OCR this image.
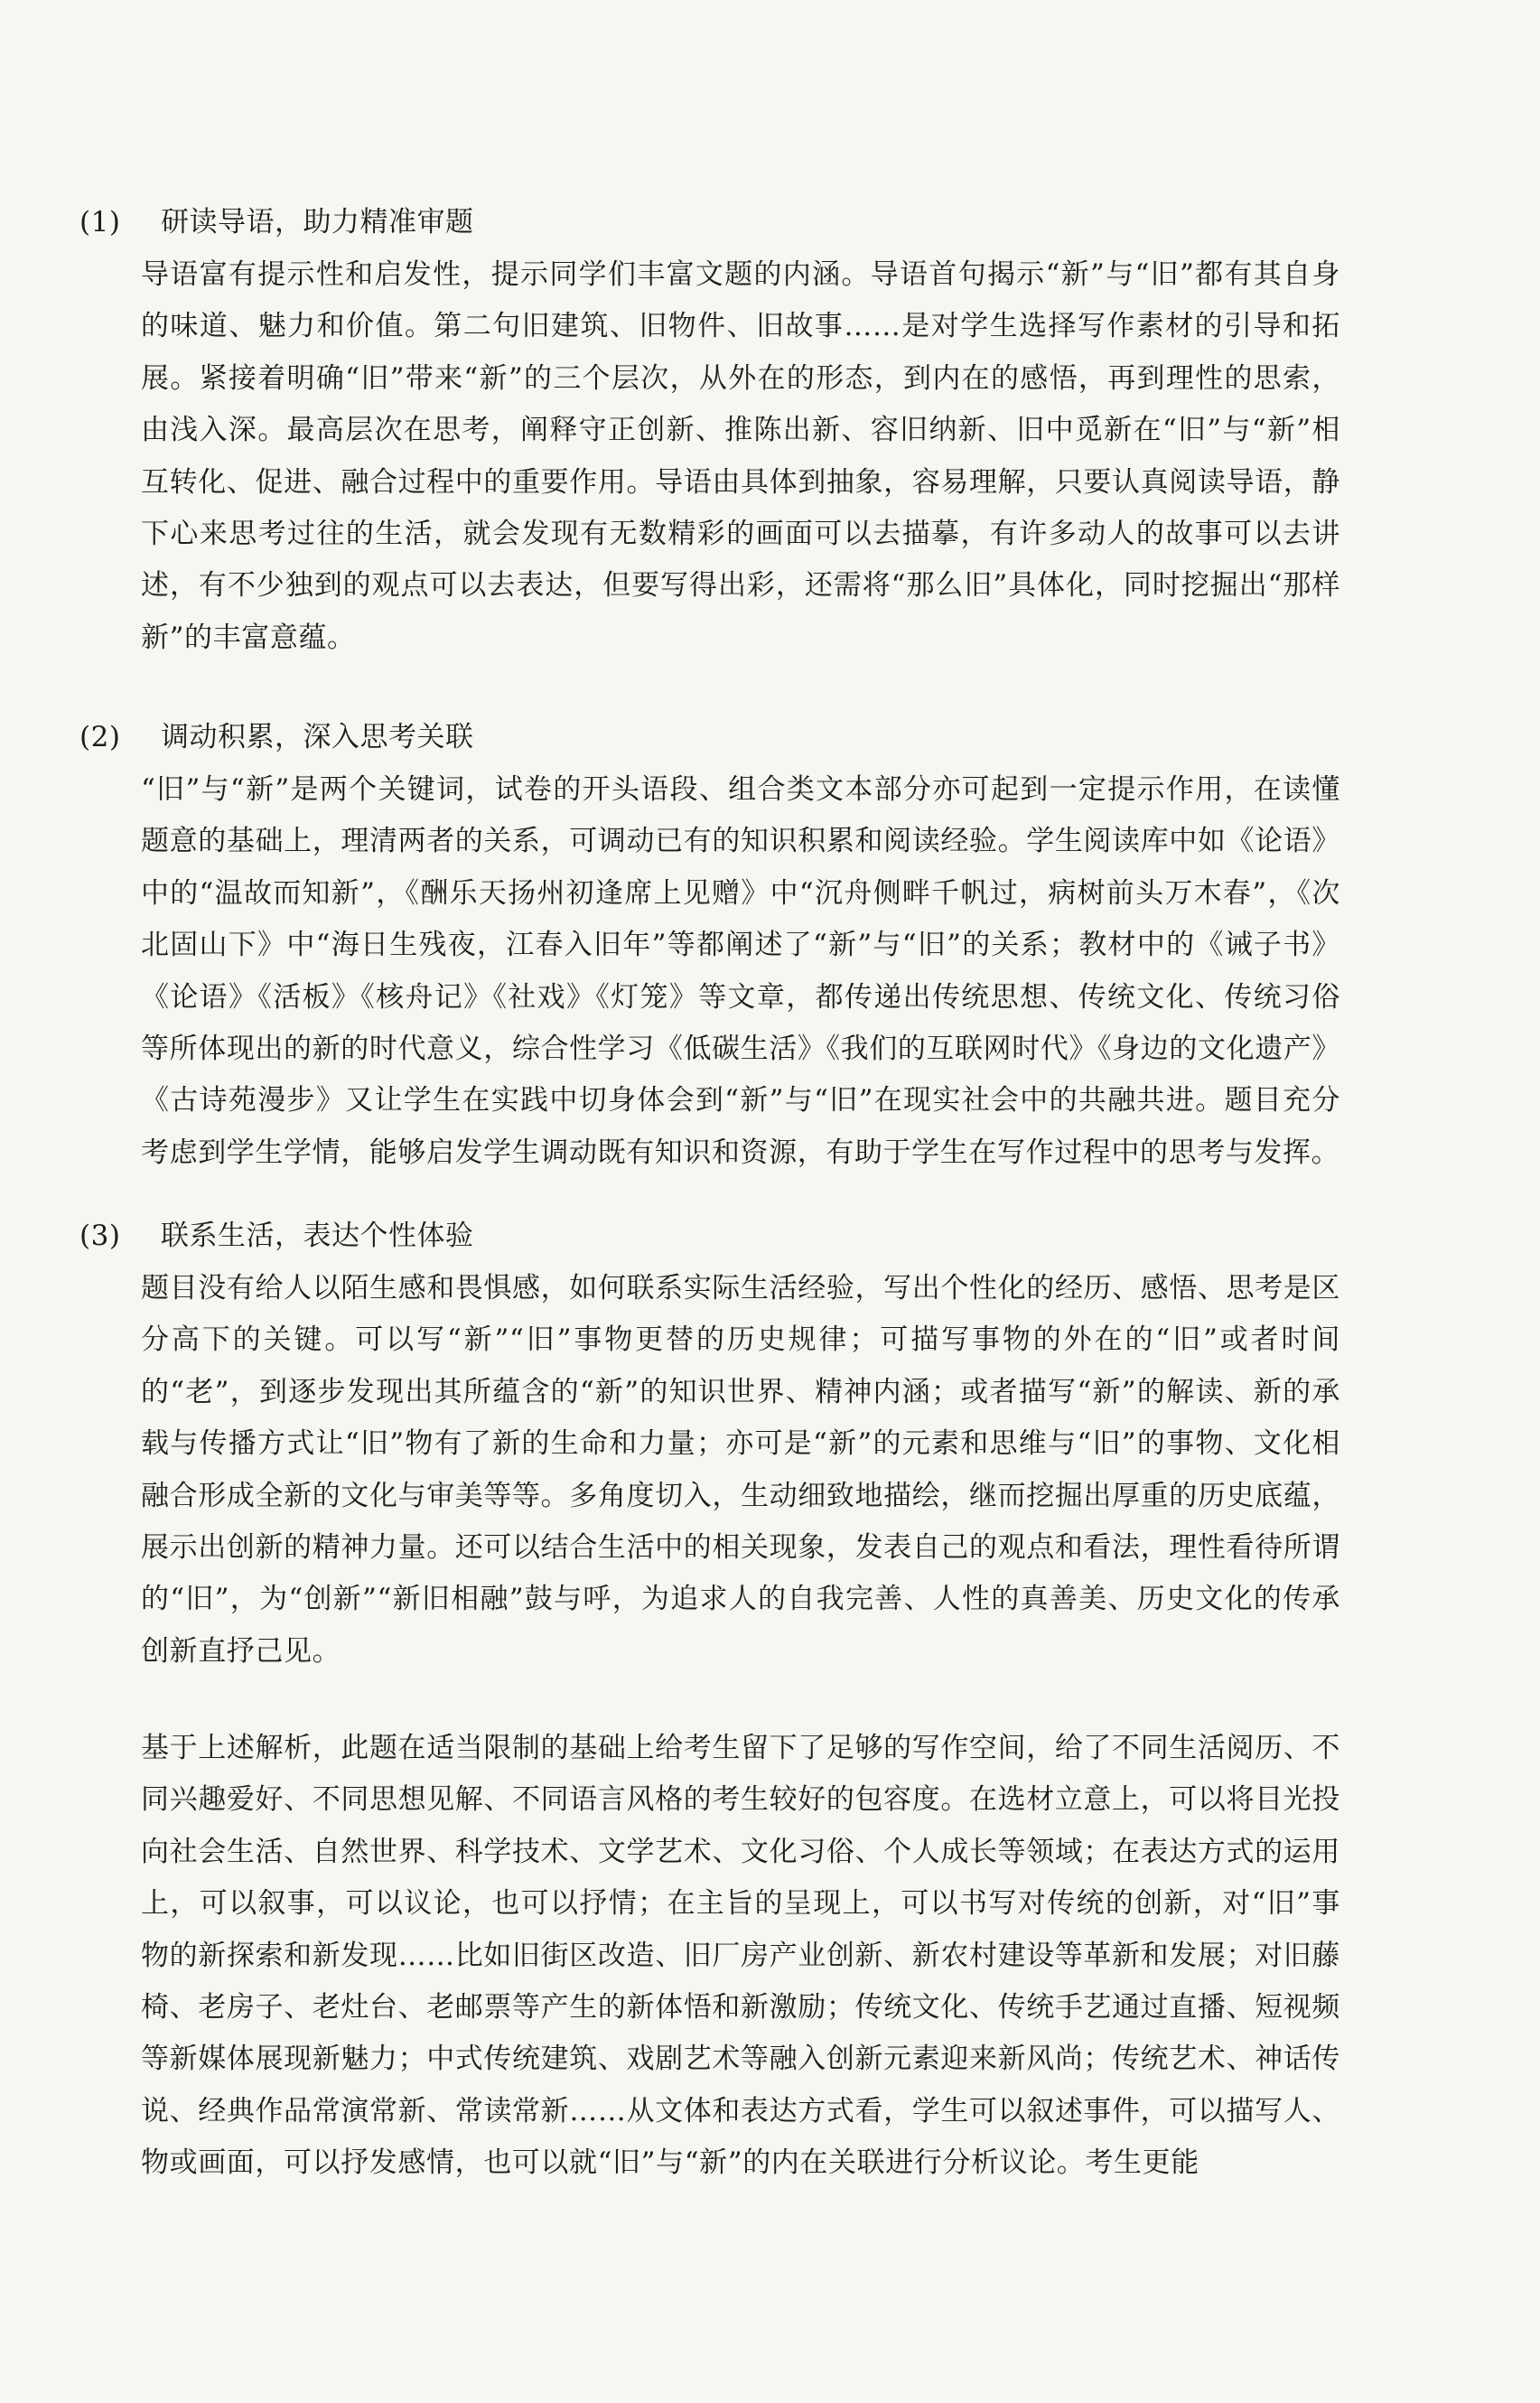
(1) 研读导语，助力精准审题
导语富有提示性和启发性，提示同学们丰富文题的内涵。导语首句揭示“新”与“旧”都有其自身的味道、魅力和价值。第二句旧建筑、旧物件、旧故事……是对学生选择写作素材的引导和拓展。紧接着明确“旧”带来“新”的三个层次，从外在的形态，到内在的感悟，再到理性的思索，由浅入深。最高层次在思考，阐释守正创新、推陈出新、容旧纳新、旧中觅新在“旧”与“新”相互转化、促进、融合过程中的重要作用。导语由具体到抽象，容易理解，只要认真阅读导语，静下心来思考过往的生活，就会发现有无数精彩的画面可以去描摹，有许多动人的故事可以去讲述，有不少独到的观点可以去表达，但要写得出彩，还需将“那么旧”具体化，同时挖掘出“那样新”的丰富意蕴。
(2) 调动积累，深入思考关联
“旧”与“新”是两个关键词，试卷的开头语段、组合类文本部分亦可起到一定提示作用，在读懂题意的基础上，理清两者的关系，可调动已有的知识积累和阅读经验。学生阅读库中如《论语》中的“温故而知新”，《酬乐天扬州初逢席上见赠》中“沉舟侧畔千帆过，病树前头万木春”，《次北固山下》中“海日生残夜，江春入旧年”等都阐述了“新”与“旧”的关系；教材中的《诫子书》《论语》《活板》《核舟记》《社戏》《灯笼》等文章，都传递出传统思想、传统文化、传统习俗等所体现出的新的时代意义，综合性学习《低碳生活》《我们的互联网时代》《身边的文化遗产》《古诗苑漫步》又让学生在实践中切身体会到“新”与“旧”在现实社会中的共融共进。题目充分考虑到学生学情，能够启发学生调动既有知识和资源，有助于学生在写作过程中的思考与发挥。
(3) 联系生活，表达个性体验
题目没有给人以陌生感和畏惧感，如何联系实际生活经验，写出个性化的经历、感悟、思考是区分高下的关键。可以写“新”“旧”事物更替的历史规律；可描写事物的外在的“旧”或者时间的“老”，到逐步发现出其所蕴含的“新”的知识世界、精神内涵；或者描写“新”的解读、新的承载与传播方式让“旧”物有了新的生命和力量；亦可是“新”的元素和思维与“旧”的事物、文化相融合形成全新的文化与审美等等。多角度切入，生动细致地描绘，继而挖掘出厚重的历史底蕴，展示出创新的精神力量。还可以结合生活中的相关现象，发表自己的观点和看法，理性看待所谓的“旧”，为“创新”“新旧相融”鼓与呼，为追求人的自我完善、人性的真善美、历史文化的传承创新直抒己见。
基于上述解析，此题在适当限制的基础上给考生留下了足够的写作空间，给了不同生活阅历、不同兴趣爱好、不同思想见解、不同语言风格的考生较好的包容度。在选材立意上，可以将目光投向社会生活、自然世界、科学技术、文学艺术、文化习俗、个人成长等领域；在表达方式的运用上，可以叙事，可以议论，也可以抒情；在主旨的呈现上，可以书写对传统的创新，对“旧”事物的新探索和新发现……比如旧街区改造、旧厂房产业创新、新农村建设等革新和发展；对旧藤椅、老房子、老灶台、老邮票等产生的新体悟和新激励；传统文化、传统手艺通过直播、短视频等新媒体展现新魅力；中式传统建筑、戏剧艺术等融入创新元素迎来新风尚；传统艺术、神话传说、经典作品常演常新、常读常新……从文体和表达方式看，学生可以叙述事件，可以描写人、物或画面，可以抒发感情，也可以就“旧”与“新”的内在关联进行分析议论。考生更能
